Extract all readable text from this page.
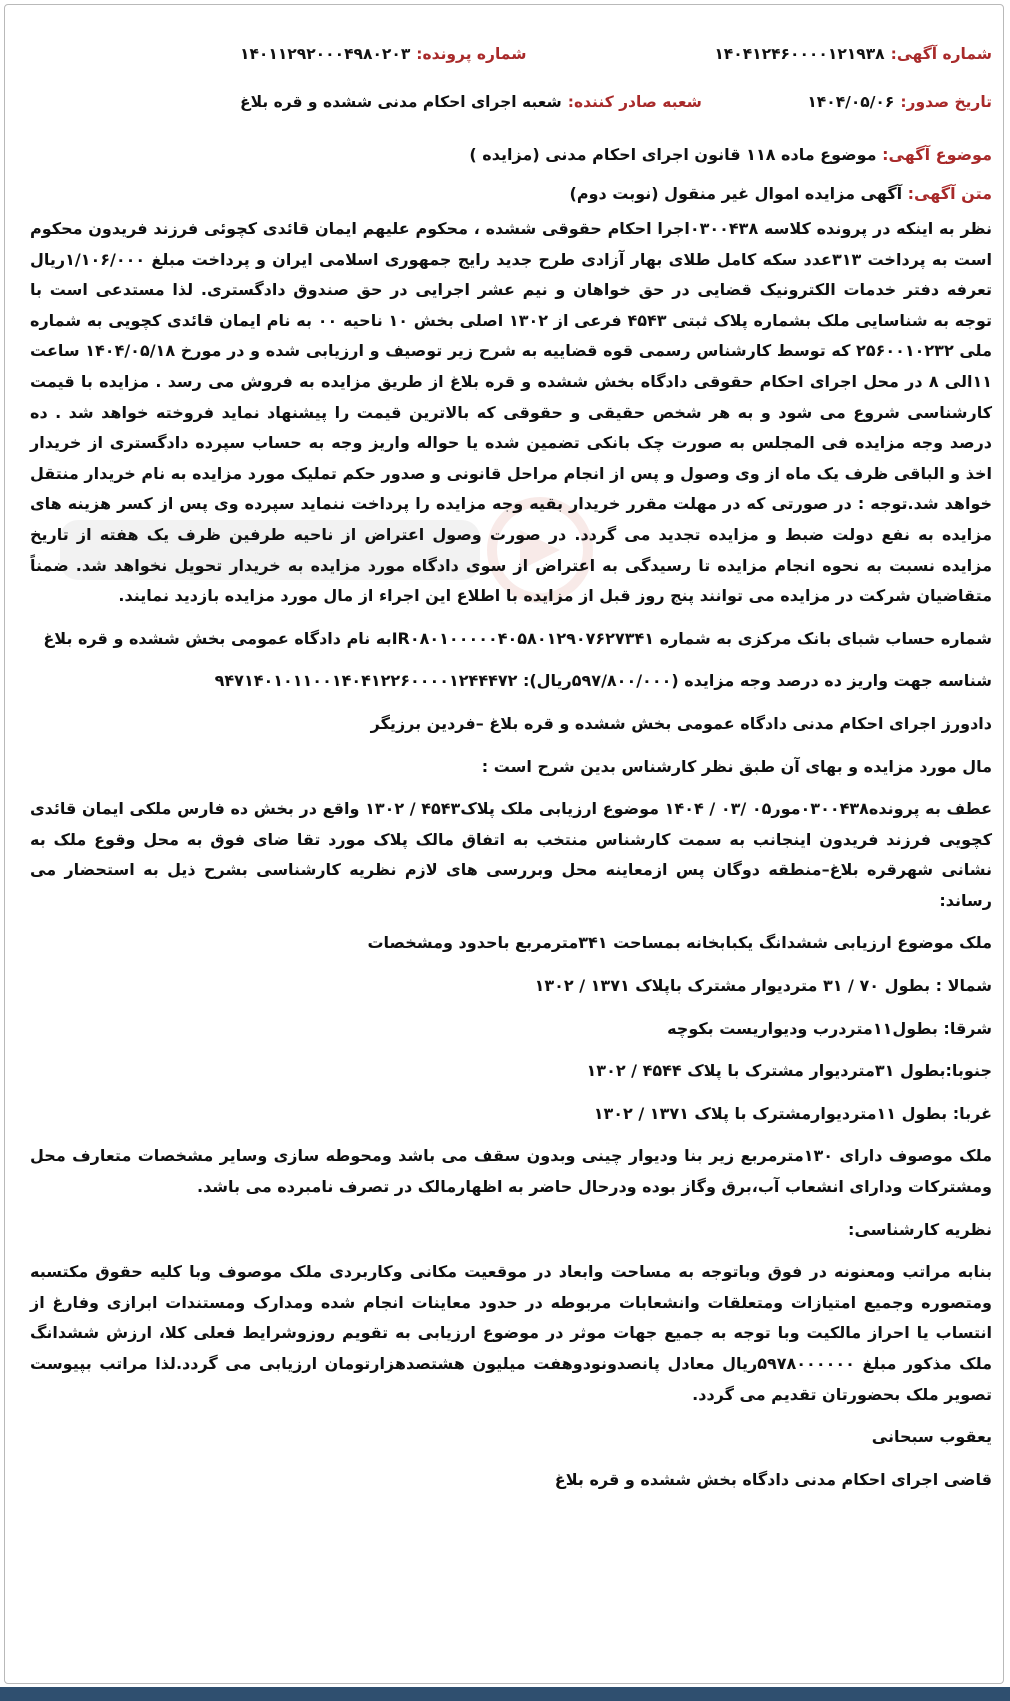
شماره آگهی:
۱۴۰۴۱۲۴۶۰۰۰۰۱۲۱۹۳۸
شماره پرونده:
۱۴۰۱۱۲۹۲۰۰۰۴۹۸۰۲۰۳
تاریخ صدور:
۱۴۰۴/۰۵/۰۶
شعبه صادر کننده:
شعبه اجرای احکام مدنی ششده و قره بلاغ
موضوع آگهی: موضوع ماده ۱۱۸ قانون اجرای احکام مدنی (مزایده )
متن آگهی: آگهی مزایده اموال غیر منقول (نوبت دوم)

نظر به اینکه در پرونده کلاسه ۰۳۰۰۴۳۸اجرا احکام حقوقی ششده ، محکوم علیهم ایمان قائدی کچوئی فرزند فریدون محکوم است به پرداخت ۳۱۳عدد سکه کامل طلای بهار آزادی طرح جدید رایج جمهوری اسلامی ایران و پرداخت مبلغ ۱/۱۰۶/۰۰۰ریال تعرفه دفتر خدمات الکترونیک قضایی در حق خواهان و نیم عشر اجرایی در حق صندوق دادگستری. لذا مستدعی است با توجه به شناسایی ملک بشماره پلاک ثبتی ۴۵۴۳ فرعی از ۱۳۰۲ اصلی بخش ۱۰ ناحیه ۰۰ به نام ایمان قائدی کچویی به شماره ملی ۲۵۶۰۰۱۰۲۳۲ که توسط کارشناس رسمی قوه قضاییه به شرح زیر توصیف و ارزیابی شده و در مورخ ۱۴۰۴/۰۵/۱۸ ساعت ۱۱الی ۸ در محل اجرای احکام حقوقی دادگاه بخش ششده و قره بلاغ از طریق مزایده به فروش می رسد . مزایده با قیمت کارشناسی شروع می شود و به هر شخص حقیقی و حقوقی که بالاترین قیمت را پیشنهاد نماید فروخته خواهد شد . ده درصد وجه مزایده فی المجلس به صورت چک بانکی تضمین شده یا حواله واریز وجه به حساب سپرده دادگستری از خریدار اخذ و الباقی ظرف یک ماه از وی وصول و پس از انجام مراحل قانونی و صدور حکم تملیک مورد مزایده به نام خریدار منتقل خواهد شد.توجه : در صورتی که در مهلت مقرر خریدار بقیه وجه مزایده را پرداخت ننماید سپرده وی پس از کسر هزینه های مزایده به نفع دولت ضبط و مزایده تجدید می گردد. در صورت وصول اعتراض از ناحیه طرفین ظرف یک هفته از تاریخ مزایده نسبت به نحوه انجام مزایده تا رسیدگی به اعتراض از سوی دادگاه مورد مزایده به خریدار تحویل نخواهد شد. ضمناً متقاضیان شرکت در مزایده می توانند پنج روز قبل از مزایده با اطلاع این اجراء از مال مورد مزایده بازدید نمایند.

شماره حساب شبای بانک مرکزی به شماره IR۰۸۰۱۰۰۰۰۰۴۰۵۸۰۱۲۹۰۷۶۲۷۳۴۱به نام دادگاه عمومی بخش ششده و قره بلاغ

شناسه جهت واریز ده درصد وجه مزایده (۵۹۷/۸۰۰/۰۰۰ریال): ۹۴۷۱۴۰۱۰۱۱۰۰۱۴۰۴۱۲۲۶۰۰۰۰۱۲۴۴۴۷۲

دادورز اجرای احکام مدنی دادگاه عمومی بخش ششده و قره بلاغ –فردین برزیگر

مال مورد مزایده و بهای آن طبق نظر کارشناس بدین شرح است :

عطف به پرونده۰۳۰۰۴۳۸مور۰۵ /۰۳ / ۱۴۰۴ موضوع ارزیابی ملک پلاک۴۵۴۳ / ۱۳۰۲ واقع در بخش ده فارس ملکی ایمان قائدی کچویی فرزند فریدون اینجانب به سمت کارشناس منتخب به اتفاق مالک پلاک مورد تقا ضای فوق به محل وقوع ملک به نشانی شهرقره بلاغ–منطقه دوگان پس ازمعاینه محل وبررسی های لازم نظریه کارشناسی بشرح ذیل به استحضار می رساند:

ملک موضوع ارزیابی ششدانگ یکبابخانه بمساحت ۳۴۱مترمربع باحدود ومشخصات

شمالا : بطول ۷۰ / ۳۱ متردیوار مشترک باپلاک ۱۳۷۱ / ۱۳۰۲

شرقا: بطول۱۱متردرب ودیواریست بکوچه

جنوبا:بطول ۳۱متردیوار مشترک با پلاک ۴۵۴۴ / ۱۳۰۲

غربا: بطول ۱۱متردیوارمشترک با پلاک ۱۳۷۱ / ۱۳۰۲

ملک موصوف دارای ۱۳۰مترمربع زیر بنا ودیوار چینی وبدون سقف می باشد ومحوطه سازی وسایر مشخصات متعارف محل ومشترکات ودارای انشعاب آب،برق وگاز بوده ودرحال حاضر به اظهارمالک در تصرف نامبرده می باشد.

نظریه کارشناسی:

بنابه مراتب ومعنونه در فوق وباتوجه به مساحت وابعاد در موقعیت مکانی وکاربردی ملک موصوف وبا کلیه حقوق مکتسبه ومتصوره وجمیع امتیازات ومتعلقات وانشعابات مربوطه در حدود معاینات انجام شده ومدارک ومستندات ابرازی وفارغ از انتساب یا احراز مالکیت وبا توجه به جمیع جهات موثر در موضوع ارزیابی به تقویم روزوشرایط فعلی کلا، ارزش ششدانگ ملک مذکور مبلغ ۵۹۷۸۰۰۰۰۰۰ریال معادل پانصدونودوهفت میلیون هشتصدهزارتومان ارزیابی می گردد.لذا مراتب بپیوست تصویر ملک بحضورتان تقدیم می گردد.

یعقوب سبحانی

قاضی اجرای احکام مدنی دادگاه بخش ششده و قره بلاغ
